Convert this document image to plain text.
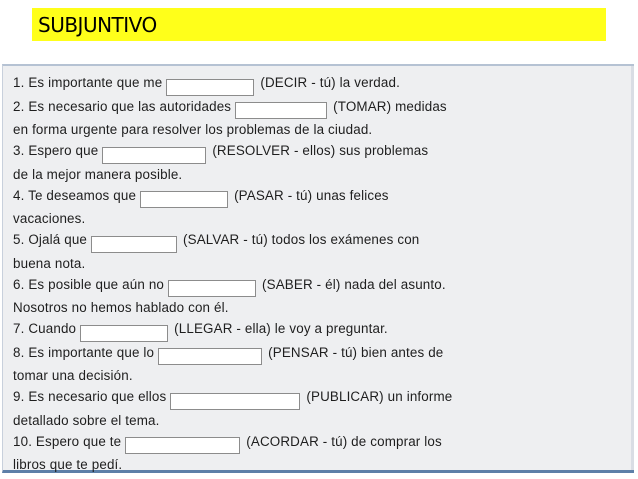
SUBJUNTIVO
1. Es importante que me	(DECIR - tú) la verdad.
2. Es necesario que las autoridades	(TOMAR) medidas
en forma urgente para resolver los problemas de la ciudad.
3. Espero que	(RESOLVER - ellos) sus problemas
de la mejor manera posible.
4. Te deseamos que	(PASAR - tú) unas felices
vacaciones.
5. Ojalá que	(SALVAR - tú) todos los exámenes con
buena nota.
6. Es posible que aún no	(SABER - él) nada del asunto.
Nosotros no hemos hablado con él.
7. Cuando	(LLEGAR - ella) le voy a preguntar.
8. Es importante que lo	(PENSAR - tú) bien antes de
tomar una decisión.
9. Es necesario que ellos	(PUBLICAR) un informe
detallado sobre el tema.
10. Espero que te	(ACORDAR - tú) de comprar los
libros que te pedí.
